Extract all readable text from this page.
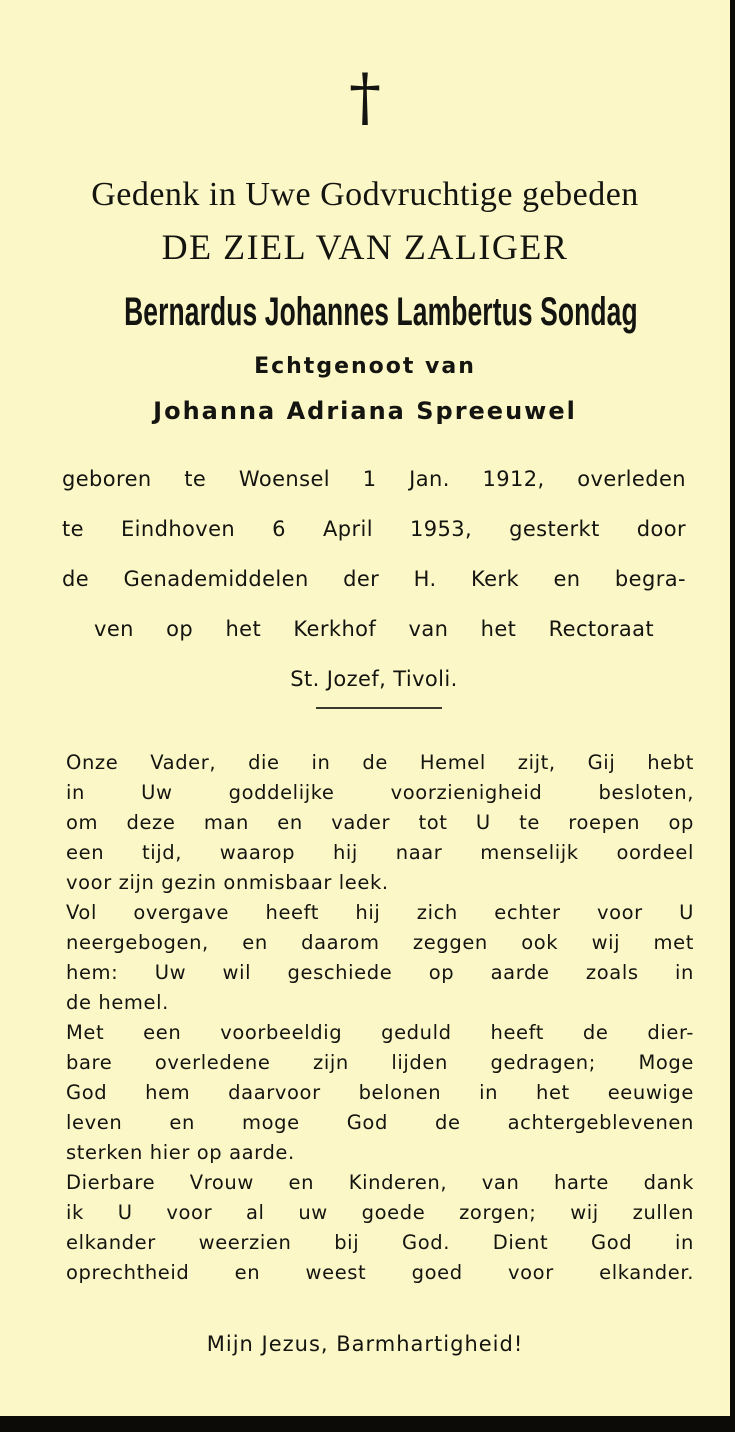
†
Gedenk in Uwe Godvruchtige gebeden
DE ZIEL VAN ZALIGER
Bernardus Johannes Lambertus Sondag
Echtgenoot van
Johanna Adriana Spreeuwel
geboren te Woensel 1 Jan. 1912, overleden
te Eindhoven 6 April 1953, gesterkt door
de Genademiddelen der H. Kerk en begra-
ven op het Kerkhof van het Rectoraat
St. Jozef, Tivoli.
Onze Vader, die in de Hemel zijt, Gij hebt
in Uw goddelijke voorzienigheid besloten,
om deze man en vader tot U te roepen op
een tijd, waarop hij naar menselijk oordeel
voor zijn gezin onmisbaar leek.
Vol overgave heeft hij zich echter voor U
neergebogen, en daarom zeggen ook wij met
hem: Uw wil geschiede op aarde zoals in
de hemel.
Met een voorbeeldig geduld heeft de dier-
bare overledene zijn lijden gedragen; Moge
God hem daarvoor belonen in het eeuwige
leven en moge God de achtergeblevenen
sterken hier op aarde.
Dierbare Vrouw en Kinderen, van harte dank
ik U voor al uw goede zorgen; wij zullen
elkander weerzien bij God. Dient God in
oprechtheid en weest goed voor elkander.
Mijn Jezus, Barmhartigheid!
